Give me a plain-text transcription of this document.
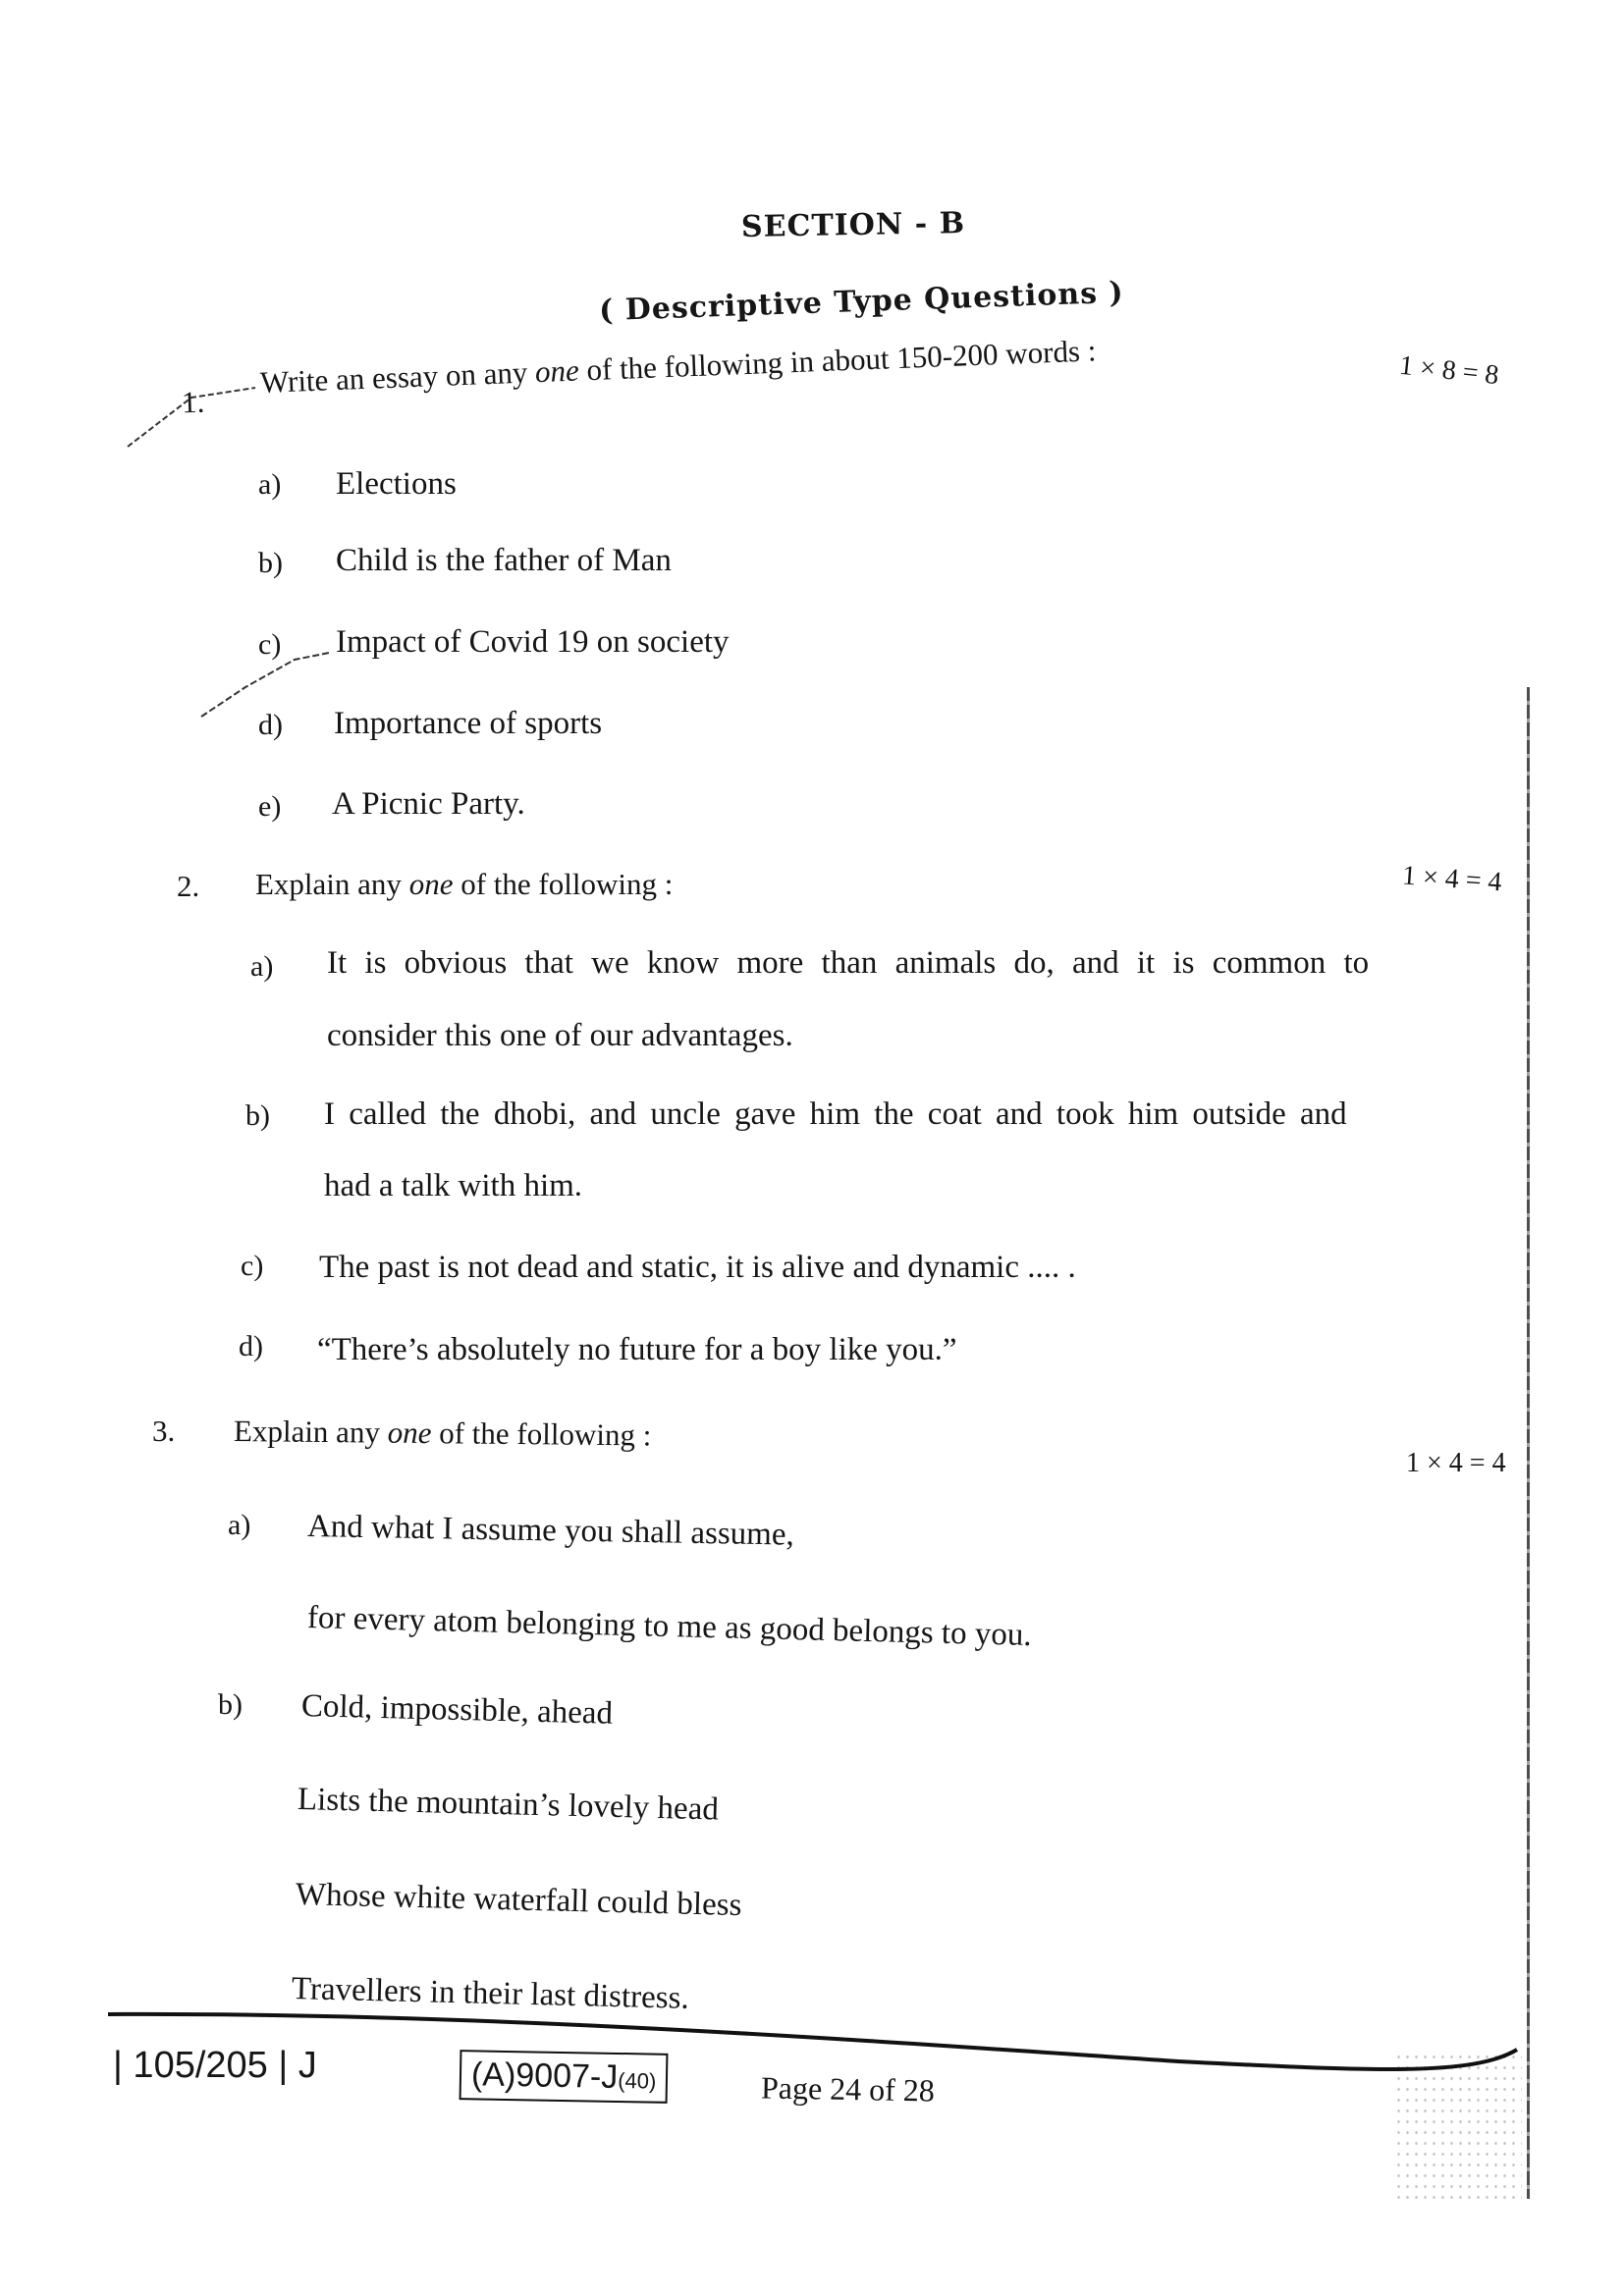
SECTION - B
( Descriptive Type Questions )
1.
Write an essay on any one of the following in about 150-200 words :	1 × 8 = 8
a) Elections
b) Child is the father of Man
c) Impact of Covid 19 on society
d) Importance of sports
e) A Picnic Party.
2. Explain any one of the following :	1 × 4 = 4
a) It is obvious that we know more than animals do, and it is common to
consider this one of our advantages.
b) I called the dhobi, and uncle gave him the coat and took him outside and
had a talk with him.
c) The past is not dead and static, it is alive and dynamic .... .
d) “There’s absolutely no future for a boy like you.”
3. Explain any one of the following :
1 × 4 = 4
a) And what I assume you shall assume,
for every atom belonging to me as good belongs to you.
b) Cold, impossible, ahead
Lists the mountain’s lovely head
Whose white waterfall could bless
Travellers in their last distress.
| 105/205 | J	(A)9007-J(40)	Page 24 of 28
